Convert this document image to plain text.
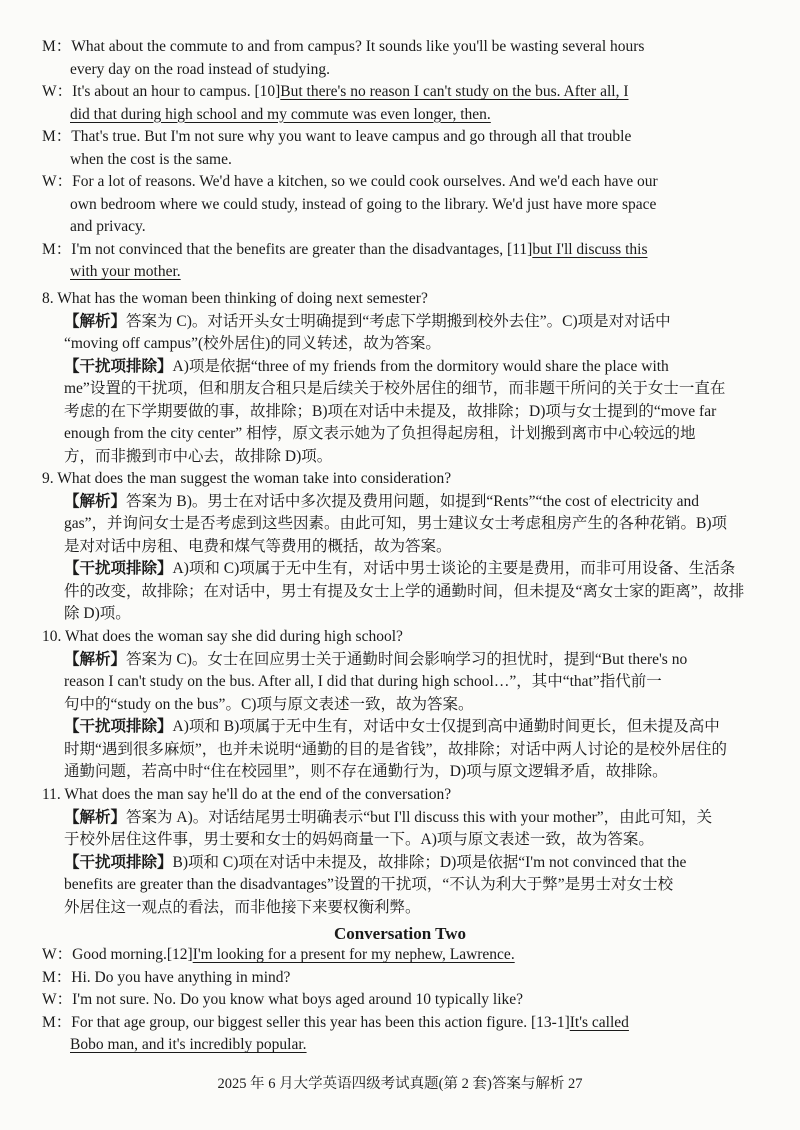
M：What about the commute to and from campus? It sounds like you'll be wasting several hours
every day on the road instead of studying.
W：It's about an hour to campus. [10]But there's no reason I can't study on the bus. After all, I
did that during high school and my commute was even longer, then.
M：That's true. But I'm not sure why you want to leave campus and go through all that trouble
when the cost is the same.
W：For a lot of reasons. We'd have a kitchen, so we could cook ourselves. And we'd each have our
own bedroom where we could study, instead of going to the library. We'd just have more space
and privacy.
M：I'm not convinced that the benefits are greater than the disadvantages, [11]but I'll discuss this
with your mother.
8. What has the woman been thinking of doing next semester?
【解析】答案为 C)。对话开头女士明确提到“考虑下学期搬到校外去住”。C)项是对对话中
“moving off campus”(校外居住)的同义转述，故为答案。
【干扰项排除】A)项是依据“three of my friends from the dormitory would share the place with
me”设置的干扰项，但和朋友合租只是后续关于校外居住的细节，而非题干所问的关于女士一直在
考虑的在下学期要做的事，故排除；B)项在对话中未提及，故排除；D)项与女士提到的“move far
enough from the city center” 相悖，原文表示她为了负担得起房租，计划搬到离市中心较远的地
方，而非搬到市中心去，故排除 D)项。
9. What does the man suggest the woman take into consideration?
【解析】答案为 B)。男士在对话中多次提及费用问题，如提到“Rents”“the cost of electricity and
gas”，并询问女士是否考虑到这些因素。由此可知，男士建议女士考虑租房产生的各种花销。B)项
是对对话中房租、电费和煤气等费用的概括，故为答案。
【干扰项排除】A)项和 C)项属于无中生有，对话中男士谈论的主要是费用，而非可用设备、生活条
件的改变，故排除；在对话中，男士有提及女士上学的通勤时间，但未提及“离女士家的距离”，故排
除 D)项。
10. What does the woman say she did during high school?
【解析】答案为 C)。女士在回应男士关于通勤时间会影响学习的担忧时，提到“But there's no
reason I can't study on the bus. After all, I did that during high school…”，其中“that”指代前一
句中的“study on the bus”。C)项与原文表述一致，故为答案。
【干扰项排除】A)项和 B)项属于无中生有，对话中女士仅提到高中通勤时间更长，但未提及高中
时期“遇到很多麻烦”，也并未说明“通勤的目的是省钱”，故排除；对话中两人讨论的是校外居住的
通勤问题，若高中时“住在校园里”，则不存在通勤行为，D)项与原文逻辑矛盾，故排除。
11. What does the man say he'll do at the end of the conversation?
【解析】答案为 A)。对话结尾男士明确表示“but I'll discuss this with your mother”，由此可知，关
于校外居住这件事，男士要和女士的妈妈商量一下。A)项与原文表述一致，故为答案。
【干扰项排除】B)项和 C)项在对话中未提及，故排除；D)项是依据“I'm not convinced that the
benefits are greater than the disadvantages”设置的干扰项，“不认为利大于弊”是男士对女士校
外居住这一观点的看法，而非他接下来要权衡利弊。
Conversation Two
W：Good morning.[12]I'm looking for a present for my nephew, Lawrence.
M：Hi. Do you have anything in mind?
W：I'm not sure. No. Do you know what boys aged around 10 typically like?
M：For that age group, our biggest seller this year has been this action figure. [13-1]It's called
Bobo man, and it's incredibly popular.
2025 年 6 月大学英语四级考试真题(第 2 套)答案与解析 27
